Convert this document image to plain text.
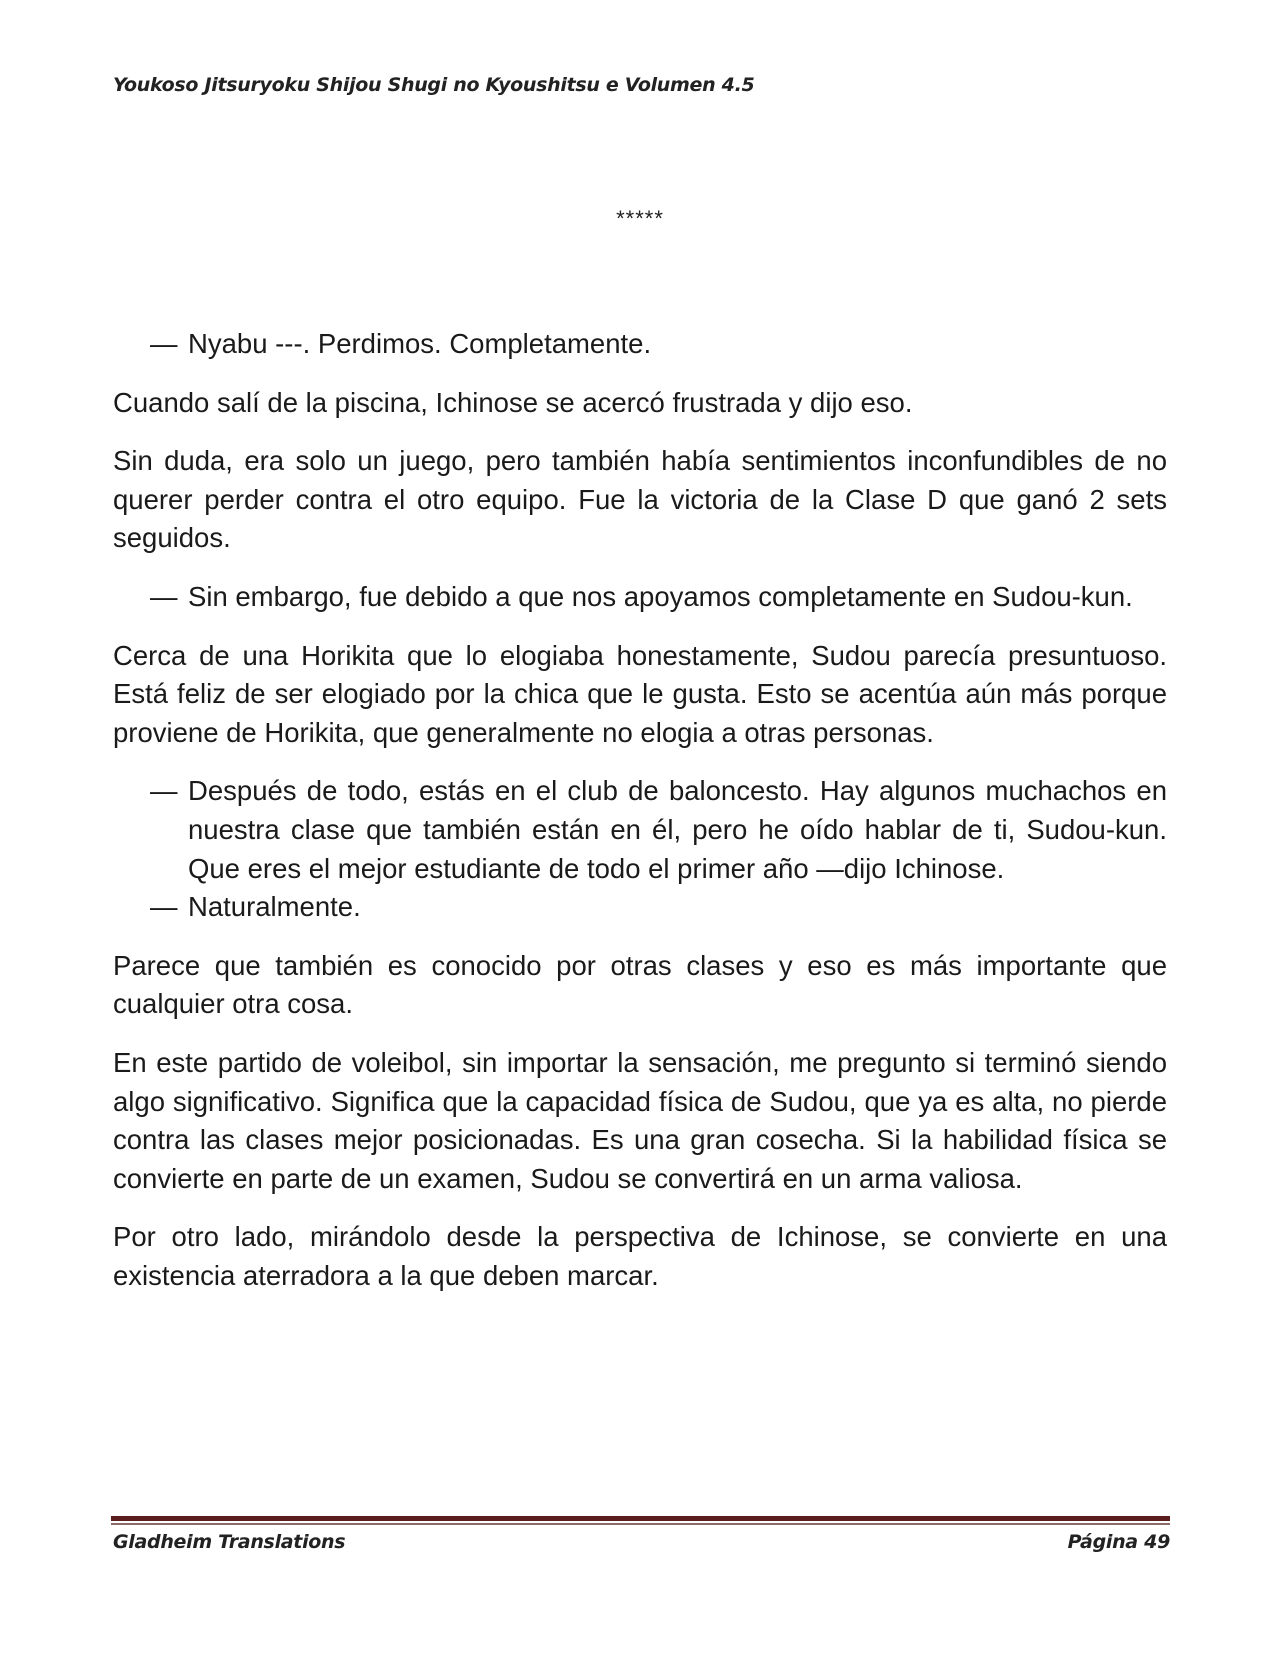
Youkoso Jitsuryoku Shijou Shugi no Kyoushitsu e Volumen 4.5
*****
— Nyabu ---. Perdimos. Completamente.

Cuando salí de la piscina, Ichinose se acercó frustrada y dijo eso.

Sin duda, era solo un juego, pero también había sentimientos inconfundibles de no querer perder contra el otro equipo. Fue la victoria de la Clase D que ganó 2 sets seguidos.

— Sin embargo, fue debido a que nos apoyamos completamente en Sudou-kun.

Cerca de una Horikita que lo elogiaba honestamente, Sudou parecía presuntuoso. Está feliz de ser elogiado por la chica que le gusta. Esto se acentúa aún más porque proviene de Horikita, que generalmente no elogia a otras personas.

— Después de todo, estás en el club de baloncesto. Hay algunos muchachos en nuestra clase que también están en él, pero he oído hablar de ti, Sudou-kun. Que eres el mejor estudiante de todo el primer año —dijo Ichinose.
— Naturalmente.

Parece que también es conocido por otras clases y eso es más importante que cualquier otra cosa.

En este partido de voleibol, sin importar la sensación, me pregunto si terminó siendo algo significativo. Significa que la capacidad física de Sudou, que ya es alta, no pierde contra las clases mejor posicionadas. Es una gran cosecha. Si la habilidad física se convierte en parte de un examen, Sudou se convertirá en un arma valiosa.

Por otro lado, mirándolo desde la perspectiva de Ichinose, se convierte en una existencia aterradora a la que deben marcar.

Gladheim Translations	Página 49
